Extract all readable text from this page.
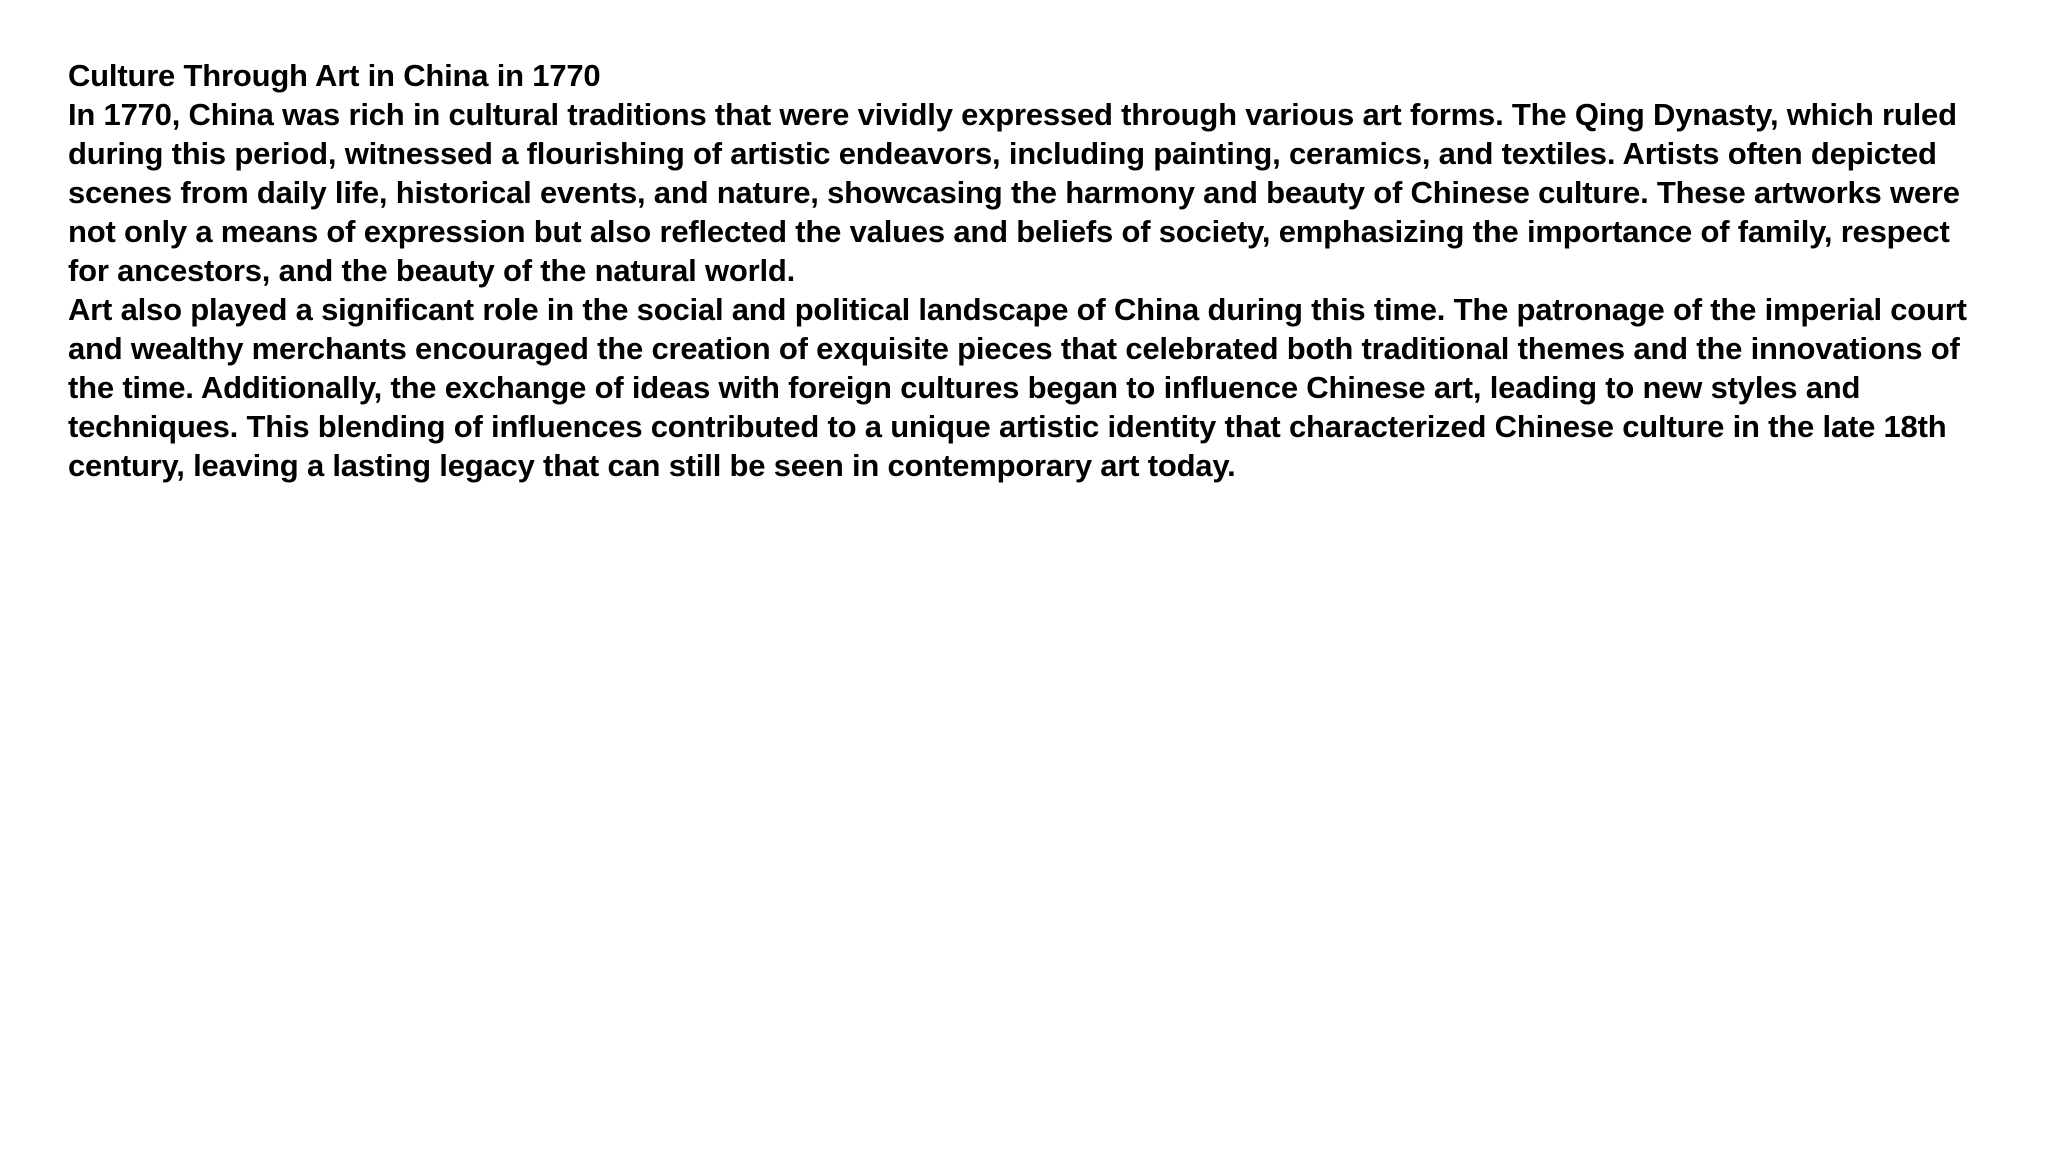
Culture Through Art in China in 1770

In 1770, China was rich in cultural traditions that were vividly expressed through various art forms. The Qing Dynasty, which ruled during this period, witnessed a flourishing of artistic endeavors, including painting, ceramics, and textiles. Artists often depicted scenes from daily life, historical events, and nature, showcasing the harmony and beauty of Chinese culture. These artworks were not only a means of expression but also reflected the values and beliefs of society, emphasizing the importance of family, respect for ancestors, and the beauty of the natural world.

Art also played a significant role in the social and political landscape of China during this time. The patronage of the imperial court and wealthy merchants encouraged the creation of exquisite pieces that celebrated both traditional themes and the innovations of the time. Additionally, the exchange of ideas with foreign cultures began to influence Chinese art, leading to new styles and techniques. This blending of influences contributed to a unique artistic identity that characterized Chinese culture in the late 18th century, leaving a lasting legacy that can still be seen in contemporary art today.
